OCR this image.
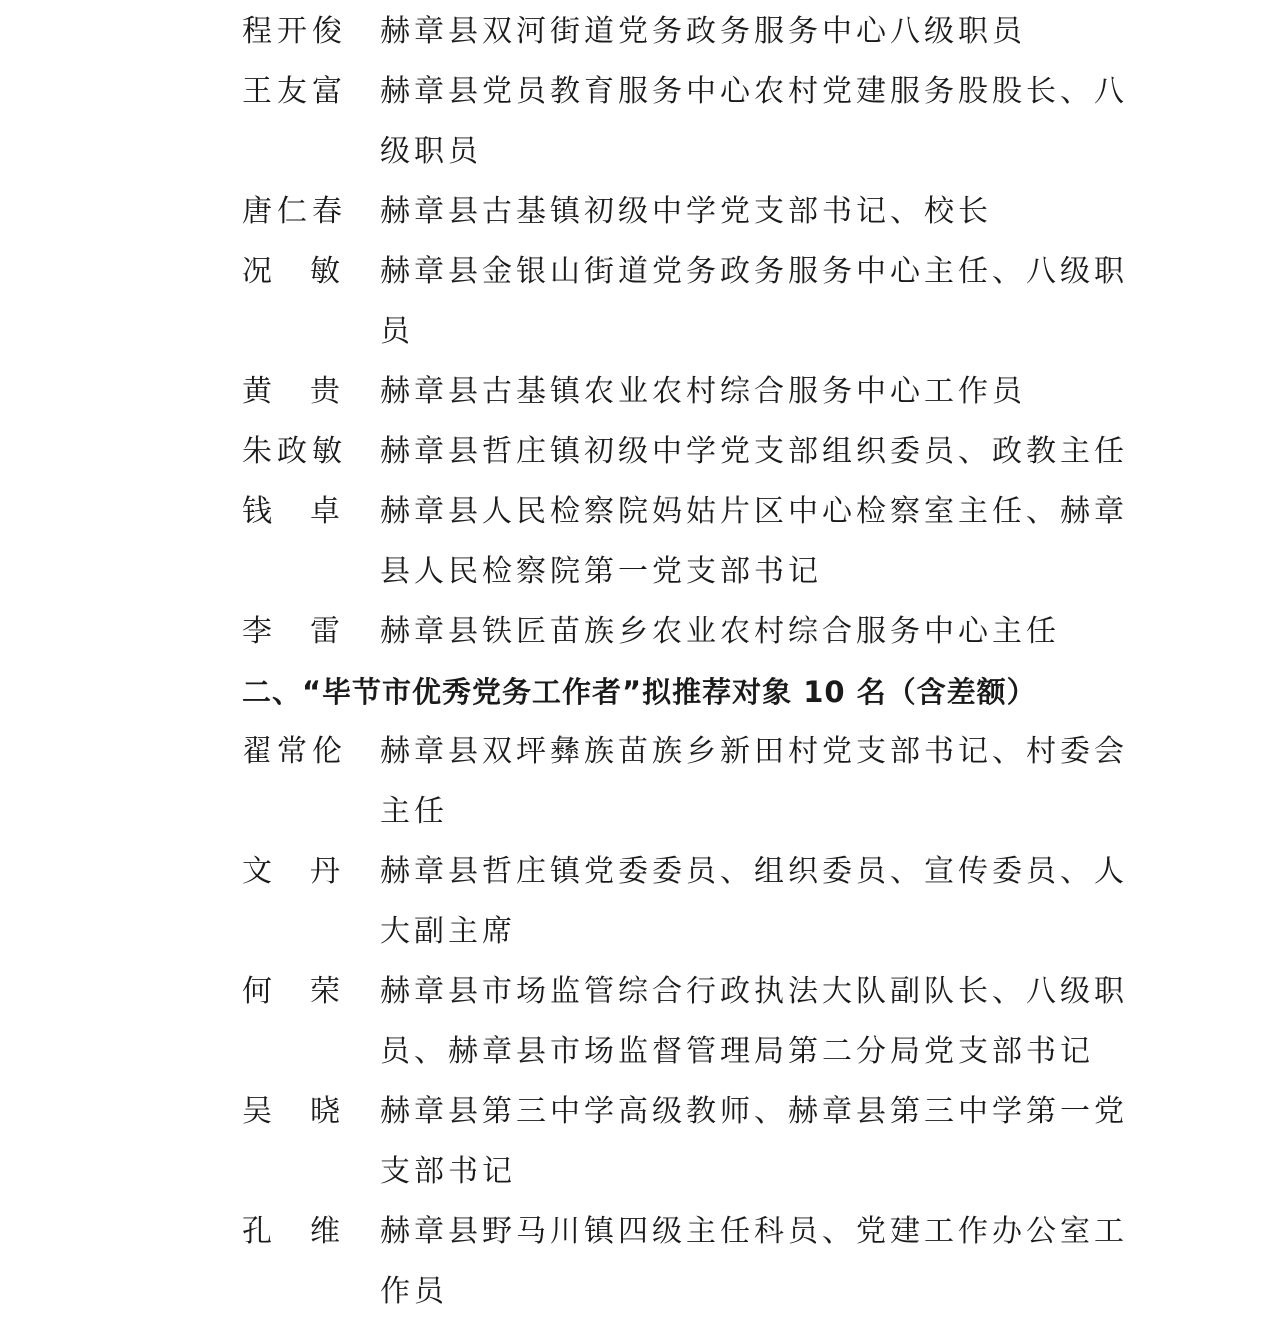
程开俊	赫章县双河街道党务政务服务中心八级职员
王友富	赫章县党员教育服务中心农村党建服务股股长、八级职员
唐仁春	赫章县古基镇初级中学党支部书记、校长
况 敏 赫章县金银山街道党务政务服务中心主任、八级职员
黄 贵 赫章县古基镇农业农村综合服务中心工作员
朱政敏	赫章县哲庄镇初级中学党支部组织委员、政教主任
钱 卓 赫章县人民检察院妈姑片区中心检察室主任、赫章县人民检察院第一党支部书记
李 雷 赫章县铁匠苗族乡农业农村综合服务中心主任
二、“毕节市优秀党务工作者”拟推荐对象 10 名（含差额）
翟常伦	赫章县双坪彝族苗族乡新田村党支部书记、村委会主任
文 丹 赫章县哲庄镇党委委员、组织委员、宣传委员、人大副主席
何 荣 赫章县市场监管综合行政执法大队副队长、八级职员、赫章县市场监督管理局第二分局党支部书记
吴 晓 赫章县第三中学高级教师、赫章县第三中学第一党支部书记
孔 维 赫章县野马川镇四级主任科员、党建工作办公室工作员
